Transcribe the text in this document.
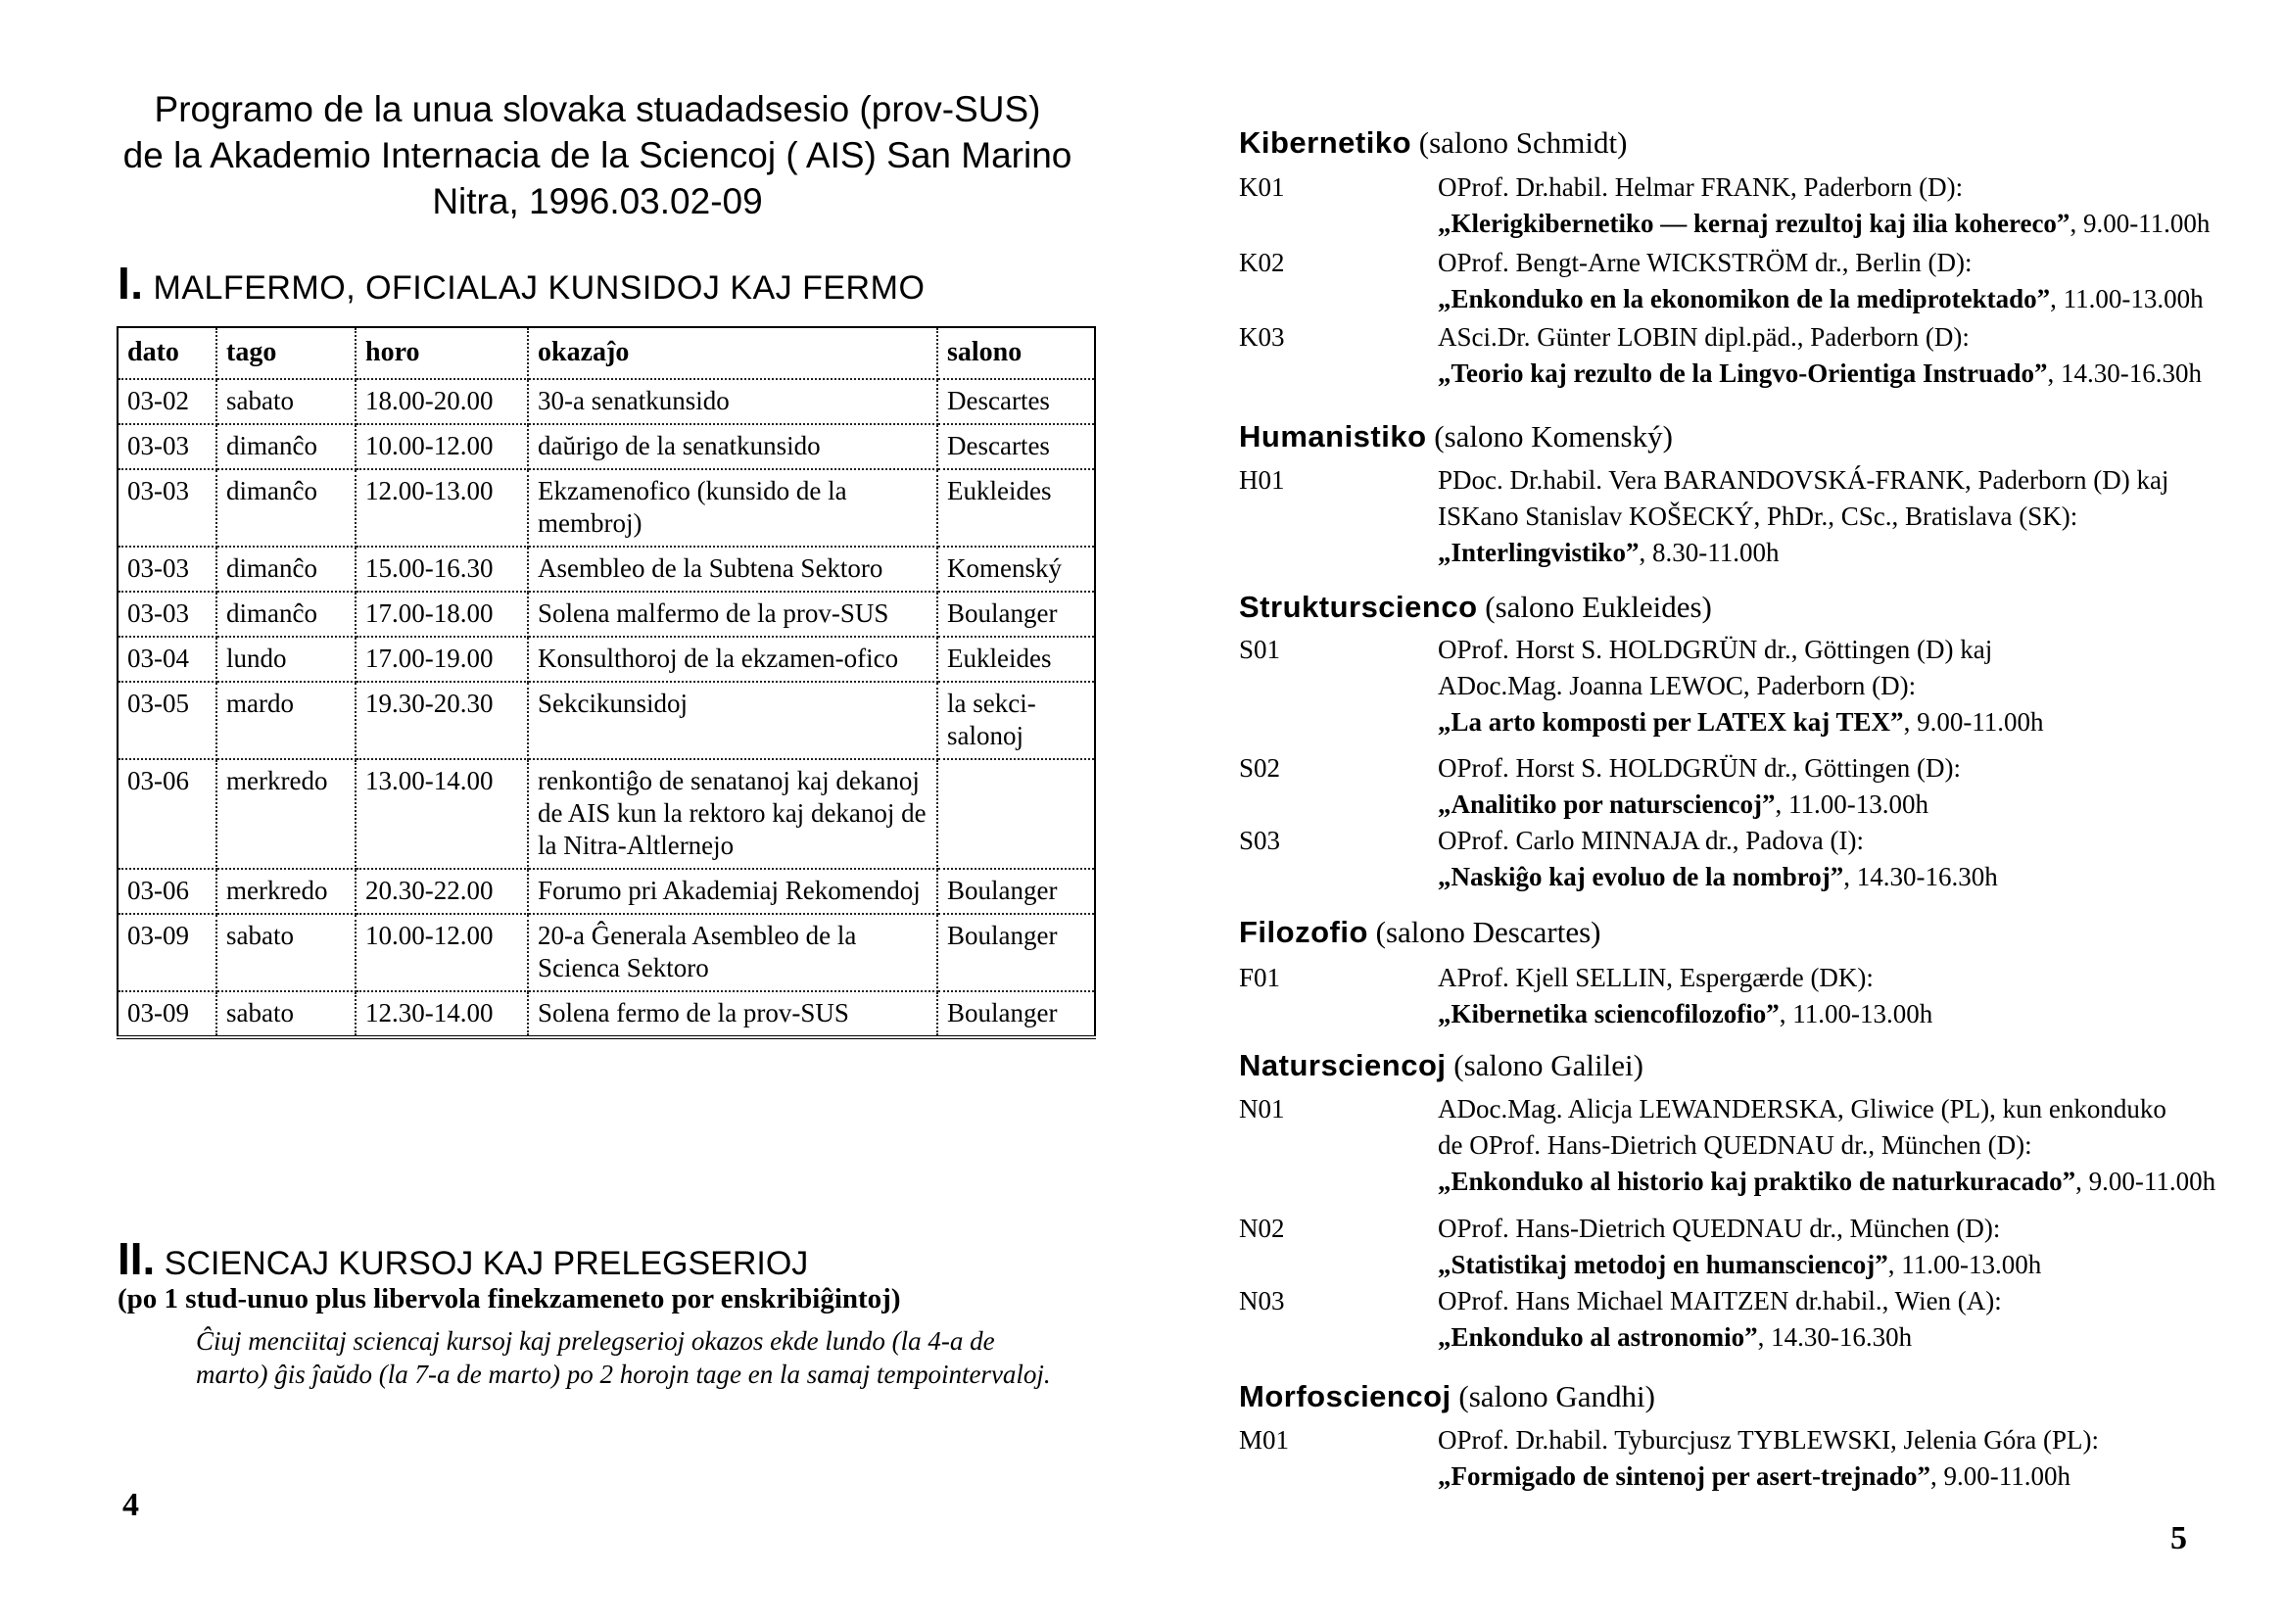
Programo de la unua slovaka stuadadsesio (prov-SUS)
de la Akademio Internacia de la Sciencoj ( AIS) San Marino
Nitra, 1996.03.02-09
I. MALFERMO, OFICIALAJ KUNSIDOJ KAJ FERMO
dato	tago	horo	okazaĵo	salono
03-02	sabato	18.00-20.00	30-a senatkunsido	Descartes
03-03	dimanĉo	10.00-12.00	daŭrigo de la senatkunsido	Descartes
03-03	dimanĉo	12.00-13.00	Ekzamenofico (kunsido de la membroj)	Eukleides
03-03	dimanĉo	15.00-16.30	Asembleo de la Subtena Sektoro	Komenský
03-03	dimanĉo	17.00-18.00	Solena malfermo de la prov-SUS	Boulanger
03-04	lundo	17.00-19.00	Konsulthoroj de la ekzamen-ofico	Eukleides
03-05	mardo	19.30-20.30	Sekcikunsidoj	la sekci-salonoj
03-06	merkredo	13.00-14.00	renkontiĝo de senatanoj kaj dekanoj de AIS kun la rektoro kaj dekanoj de la Nitra-Altlernejo	
03-06	merkredo	20.30-22.00	Forumo pri Akademiaj Rekomendoj	Boulanger
03-09	sabato	10.00-12.00	20-a Ĝenerala Asembleo de la Scienca Sektoro	Boulanger
03-09	sabato	12.30-14.00	Solena fermo de la prov-SUS	Boulanger
II. SCIENCAJ KURSOJ KAJ PRELEGSERIOJ
(po 1 stud-unuo plus libervola finekzameneto por enskribiĝintoj)
Ĉiuj menciitaj sciencaj kursoj kaj prelegserioj okazos ekde lundo (la 4-a de marto) ĝis ĵaŭdo (la 7-a de marto) po 2 horojn tage en la samaj tempointervaloj.
4
Kibernetiko (salono Schmidt)
K01	OProf. Dr.habil. Helmar FRANK, Paderborn (D):
„Klerigkibernetiko — kernaj rezultoj kaj ilia koherecoˮ, 9.00-11.00h
K02	OProf. Bengt-Arne WICKSTRÖM dr., Berlin (D):
„Enkonduko en la ekonomikon de la mediprotektadoˮ, 11.00-13.00h
K03	ASci.Dr. Günter LOBIN dipl.päd., Paderborn (D):
„Teorio kaj rezulto de la Lingvo-Orientiga Instruadoˮ, 14.30-16.30h
Humanistiko (salono Komenský)
H01	PDoc. Dr.habil. Vera BARANDOVSKÁ-FRANK, Paderborn (D) kaj
ISKano Stanislav KOŠECKÝ, PhDr., CSc., Bratislava (SK):
„Interlingvistikoˮ, 8.30-11.00h
Strukturscienco (salono Eukleides)
S01	OProf. Horst S. HOLDGRÜN dr., Göttingen (D) kaj
ADoc.Mag. Joanna LEWOC, Paderborn (D):
„La arto komposti per LATEX kaj TEXˮ, 9.00-11.00h
S02	OProf. Horst S. HOLDGRÜN dr., Göttingen (D):
„Analitiko por natursciencojˮ, 11.00-13.00h
S03	OProf. Carlo MINNAJA dr., Padova (I):
„Naskiĝo kaj evoluo de la nombrojˮ, 14.30-16.30h
Filozofio (salono Descartes)
F01	AProf. Kjell SELLIN, Espergærde (DK):
„Kibernetika sciencofilozofioˮ, 11.00-13.00h
Natursciencoj (salono Galilei)
N01	ADoc.Mag. Alicja LEWANDERSKA, Gliwice (PL), kun enkonduko
de OProf. Hans-Dietrich QUEDNAU dr., München (D):
„Enkonduko al historio kaj praktiko de naturkuracadoˮ, 9.00-11.00h
N02	OProf. Hans-Dietrich QUEDNAU dr., München (D):
„Statistikaj metodoj en humansciencojˮ, 11.00-13.00h
N03	OProf. Hans Michael MAITZEN dr.habil., Wien (A):
„Enkonduko al astronomioˮ, 14.30-16.30h
Morfosciencoj (salono Gandhi)
M01	OProf. Dr.habil. Tyburcjusz TYBLEWSKI, Jelenia Góra (PL):
„Formigado de sintenoj per asert-trejnadoˮ, 9.00-11.00h
5
